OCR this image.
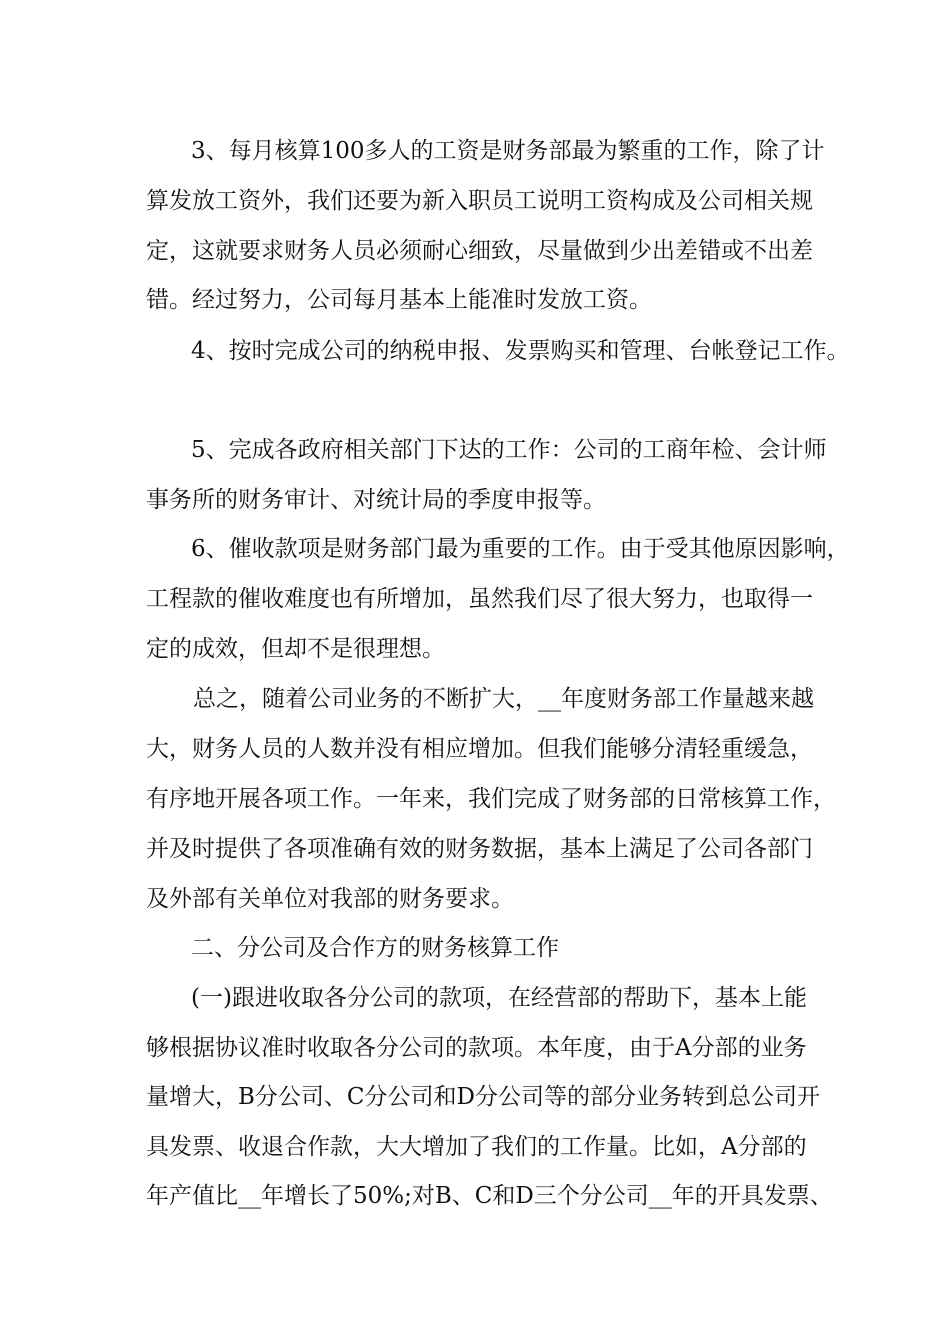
3、每月核算100多人的工资是财务部最为繁重的工作，除了计
算发放工资外，我们还要为新入职员工说明工资构成及公司相关规
定，这就要求财务人员必须耐心细致，尽量做到少出差错或不出差
错。经过努力，公司每月基本上能准时发放工资。
4、按时完成公司的纳税申报、发票购买和管理、台帐登记工作。
5、完成各政府相关部门下达的工作：公司的工商年检、会计师
事务所的财务审计、对统计局的季度申报等。
6、催收款项是财务部门最为重要的工作。由于受其他原因影响，
工程款的催收难度也有所增加，虽然我们尽了很大努力，也取得一
定的成效，但却不是很理想。
总之，随着公司业务的不断扩大，__年度财务部工作量越来越
大，财务人员的人数并没有相应增加。但我们能够分清轻重缓急，
有序地开展各项工作。一年来，我们完成了财务部的日常核算工作，
并及时提供了各项准确有效的财务数据，基本上满足了公司各部门
及外部有关单位对我部的财务要求。
二、分公司及合作方的财务核算工作
(一)跟进收取各分公司的款项，在经营部的帮助下，基本上能
够根据协议准时收取各分公司的款项。本年度，由于A分部的业务
量增大，B分公司、C分公司和D分公司等的部分业务转到总公司开
具发票、收退合作款，大大增加了我们的工作量。比如，A分部的
年产值比__年增长了50%;对B、C和D三个分公司__年的开具发票、
